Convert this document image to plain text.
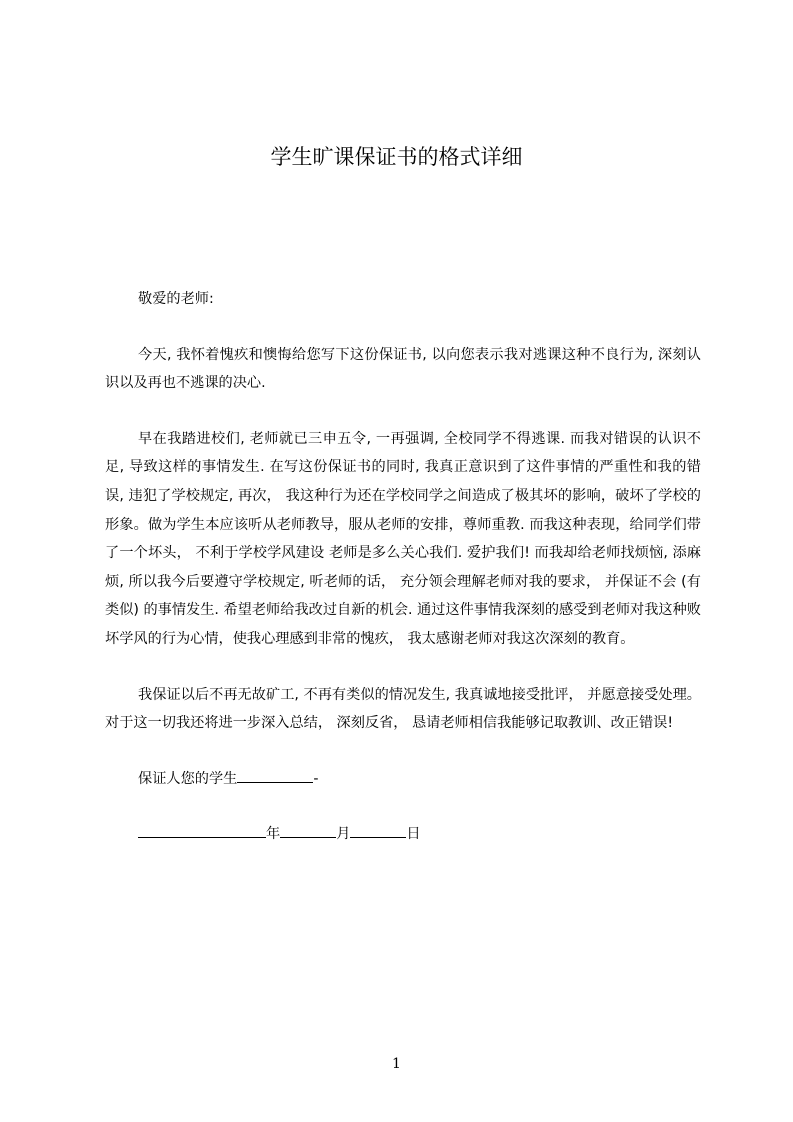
学生旷课保证书的格式详细

敬爱的老师:

今天, 我怀着愧疚和懊悔给您写下这份保证书, 以向您表示我对逃课这种不良行为, 深刻认识以及再也不逃课的决心.

早在我踏进校们, 老师就已三申五令, 一再强调, 全校同学不得逃课. 而我对错误的认识不足, 导致这样的事情发生. 在写这份保证书的同时, 我真正意识到了这件事情的严重性和我的错误, 违犯了学校规定, 再次， 我这种行为还在学校同学之间造成了极其坏的影响，破坏了学校的形象。做为学生本应该听从老师教导，服从老师的安排，尊师重教. 而我这种表现，给同学们带了一个坏头， 不利于学校学风建设 老师是多么关心我们. 爱护我们! 而我却给老师找烦恼, 添麻烦, 所以我今后要遵守学校规定, 听老师的话， 充分领会理解老师对我的要求， 并保证不会 (有类似) 的事情发生. 希望老师给我改过自新的机会. 通过这件事情我深刻的感受到老师对我这种败坏学风的行为心情，使我心理感到非常的愧疚， 我太感谢老师对我这次深刻的教育。

我保证以后不再无故矿工, 不再有类似的情况发生, 我真诚地接受批评， 并愿意接受处理。对于这一切我还将进一步深入总结， 深刻反省， 恳请老师相信我能够记取教训、改正错误!

保证人您的学生	-

年	月	日

1
